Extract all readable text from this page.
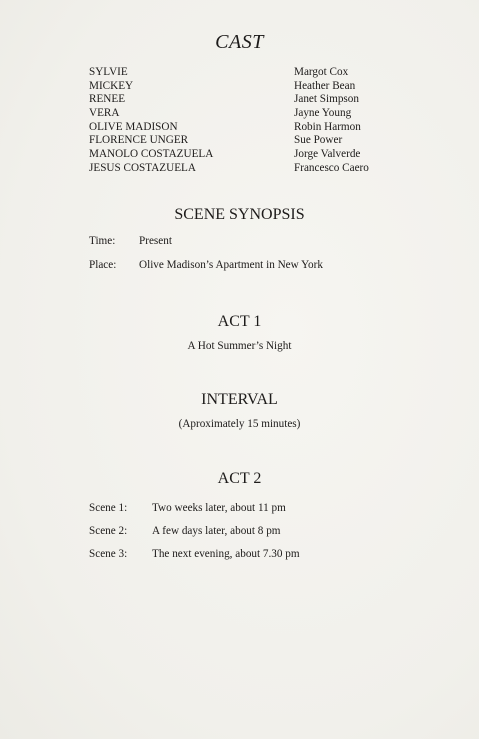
CAST
SYLVIE	Margot Cox
MICKEY	Heather Bean
RENEE	Janet Simpson
VERA	Jayne Young
OLIVE MADISON	Robin Harmon
FLORENCE UNGER	Sue Power
MANOLO COSTAZUELA	Jorge Valverde
JESUS COSTAZUELA	Francesco Caero
SCENE SYNOPSIS
Time:	Present
Place:	Olive Madison’s Apartment in New York
ACT 1
A Hot Summer’s Night
INTERVAL
(Aproximately 15 minutes)
ACT 2
Scene 1:	Two weeks later, about 11 pm
Scene 2:	A few days later, about 8 pm
Scene 3:	The next evening, about 7.30 pm
